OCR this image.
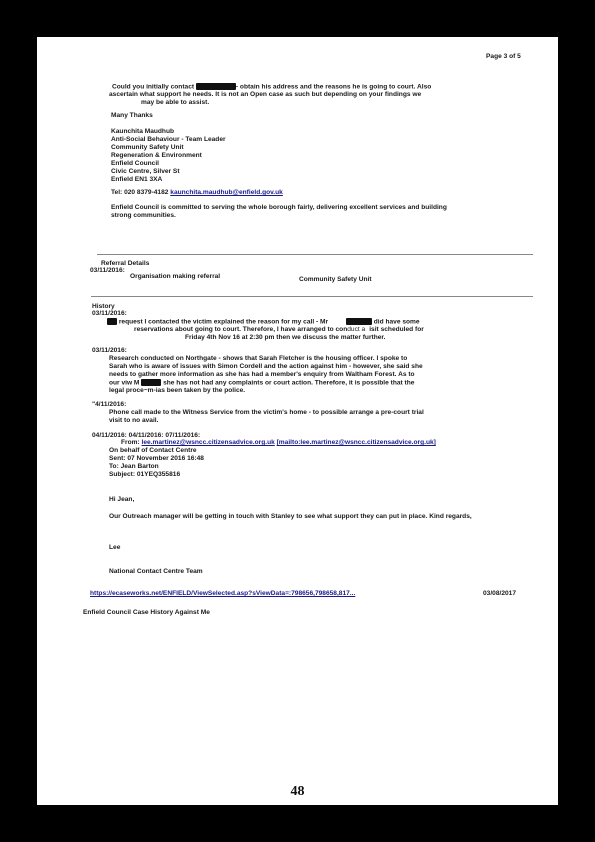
Page 3 of 5
Could you initially contact	- obtain his address and the reasons he is going to court. Also
ascertain what support he needs. It is not an Open case as such but depending on your findings we
may be able to assist.
Many Thanks
Kaunchita Maudhub
Anti-Social Behaviour - Team Leader
Community Safety Unit
Regeneration & Environment
Enfield Council
Civic Centre, Silver St
Enfield EN1 3XA
Tel: 020 8379-4182 kaunchita.maudhub@enfield.gov.uk
Enfield Council is committed to serving the whole borough fairly, delivering excellent services and building
strong communities.
Referral Details
03/11/2016:
Organisation making referral	Community Safety Unit
History
03/11/2016:
request I contacted the victim explained the reason for my call - Mr	did have some
reservations about going to court. Therefore, I have arranged to conduct a isit scheduled for
Friday 4th Nov 16 at 2:30 pm then we discuss the matter further.
03/11/2016:
Research conducted on Northgate - shows that Sarah Fletcher is the housing officer. I spoke to
Sarah who is aware of issues with Simon Cordell and the action against him - however, she said she
needs to gather more information as she has had a member's enquiry from Waltham Forest. As to
our viw M	she has not had any complaints or court action. Therefore, it is possible that the
legal proce~m-ias been taken by the police.
"4/11/2016:
Phone call made to the Witness Service from the victim's home - to possible arrange a pre-court trial
visit to no avail.
04/11/2016: 04/11/2016: 07/11/2016:
From: lee.martinez@wsncc.citizensadvice.org.uk [mailto:lee.martinez@wsncc.citizensadvice.org.uk]
On behalf of Contact Centre
Sent: 07 November 2016 16:48
To: Jean Barton
Subject: 01YEQ355816
Hi Jean,
Our Outreach manager will be getting in touch with Stanley to see what support they can put in place. Kind regards,
Lee
National Contact Centre Team
https://ecaseworks.net/ENFIELD/ViewSelected.asp?sViewData=:798656,798658,817...	03/08/2017
Enfield Council Case History Against Me
48
